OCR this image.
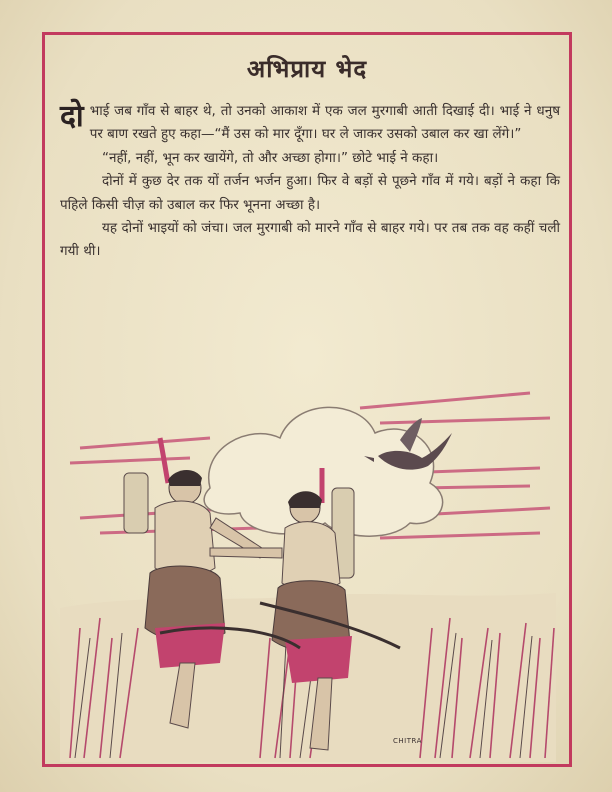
अभिप्राय भेद

दो भाई जब गाँव से बाहर थे, तो उनको आकाश में एक जल मुरगाबी आती दिखाई दी। भाई ने धनुष पर बाण रखते हुए कहा—“मैं उस को मार दूँगा। घर ले जाकर उसको उबाल कर खा लेंगे।”

“नहीं, नहीं, भून कर खायेंगे, तो और अच्छा होगा।” छोटे भाई ने कहा।

दोनों में कुछ देर तक यों तर्जन भर्जन हुआ। फिर वे बड़ों से पूछने गाँव में गये। बड़ों ने कहा कि पहिले किसी चीज़ को उबाल कर फिर भूनना अच्छा है।

यह दोनों भाइयों को जंचा। जल मुरगाबी को मारने गाँव से बाहर गये। पर तब तक वह कहीं चली गयी थी।

CHITRA
